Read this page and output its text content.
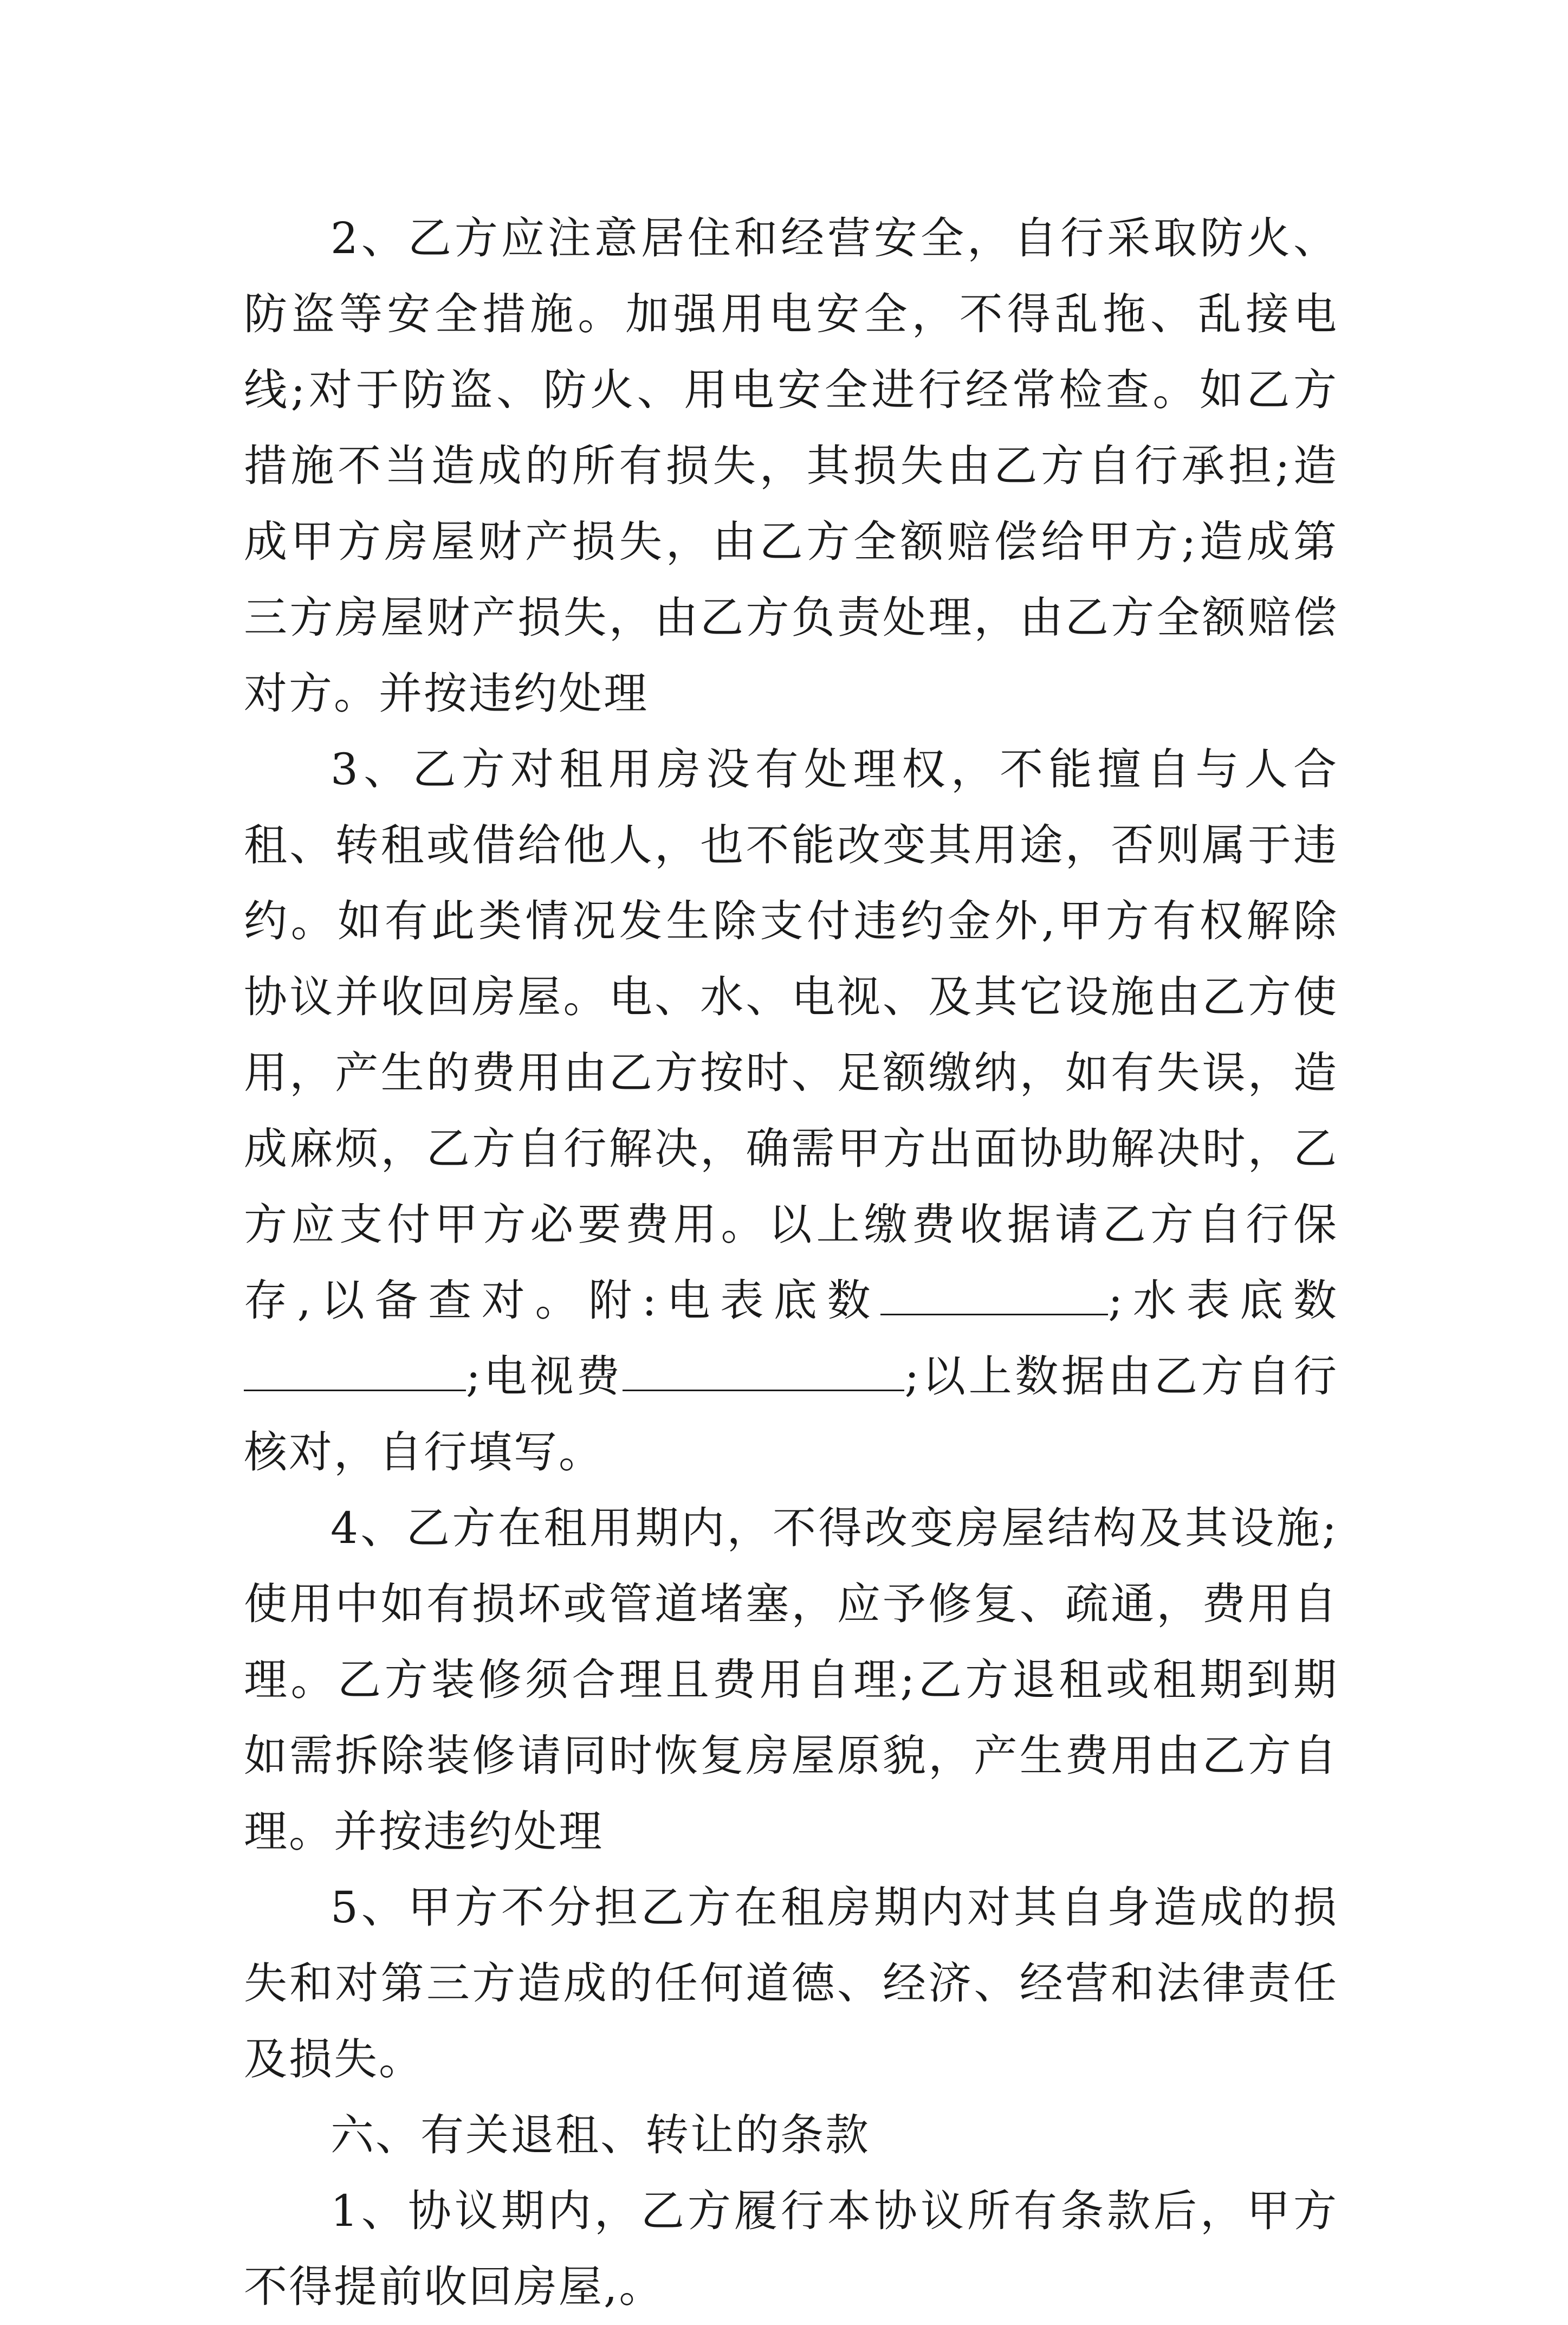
2、乙方应注意居住和经营安全，自行采取防火、防盗等安全措施。加强用电安全，不得乱拖、乱接电线;对于防盗、防火、用电安全进行经常检查。如乙方措施不当造成的所有损失，其损失由乙方自行承担;造成甲方房屋财产损失，由乙方全额赔偿给甲方;造成第三方房屋财产损失，由乙方负责处理，由乙方全额赔偿对方。并按违约处理

3、乙方对租用房没有处理权，不能擅自与人合租、转租或借给他人，也不能改变其用途，否则属于违约。如有此类情况发生除支付违约金外,甲方有权解除协议并收回房屋。电、水、电视、及其它设施由乙方使用，产生的费用由乙方按时、足额缴纳，如有失误，造成麻烦，乙方自行解决，确需甲方出面协助解决时，乙方应支付甲方必要费用。以上缴费收据请乙方自行保存,以备查对。附:电表底数	;水表底数;电视费	;以上数据由乙方自行核对，自行填写。

4、乙方在租用期内，不得改变房屋结构及其设施;使用中如有损坏或管道堵塞，应予修复、疏通，费用自理。乙方装修须合理且费用自理;乙方退租或租期到期如需拆除装修请同时恢复房屋原貌，产生费用由乙方自理。并按违约处理

5、甲方不分担乙方在租房期内对其自身造成的损失和对第三方造成的任何道德、经济、经营和法律责任及损失。

六、有关退租、转让的条款

1、协议期内，乙方履行本协议所有条款后，甲方不得提前收回房屋,。
